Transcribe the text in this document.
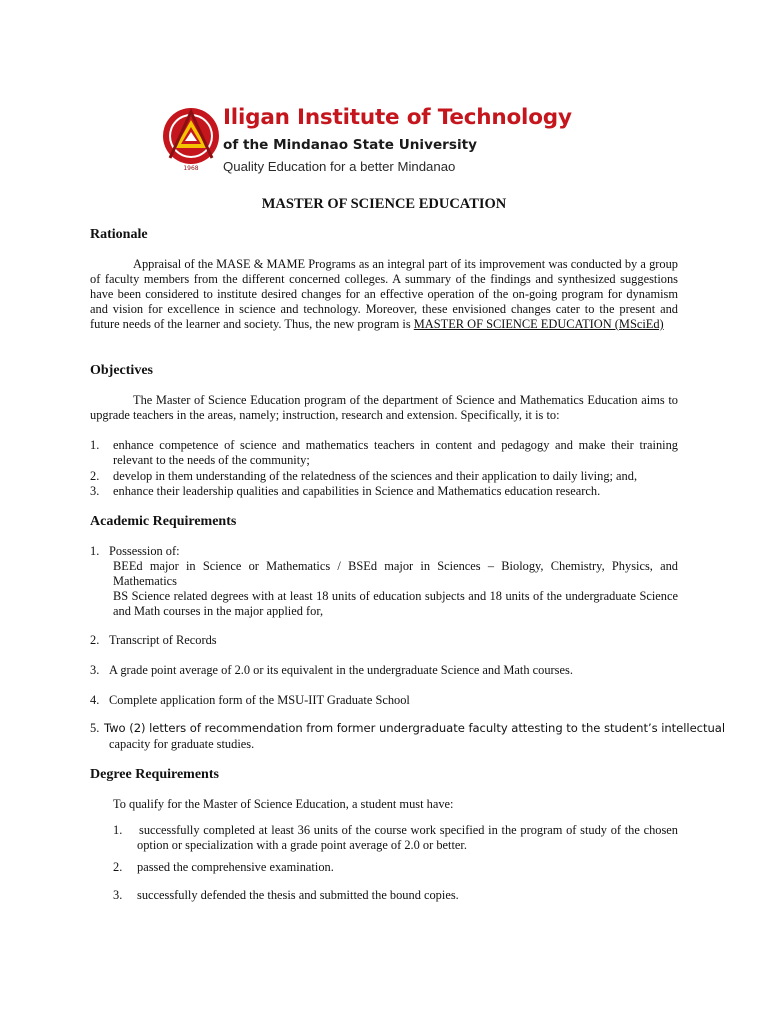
1968
Iligan Institute of Technology
of the Mindanao State University
Quality Education for a better Mindanao
MASTER OF SCIENCE EDUCATION
Rationale
Appraisal of the MASE & MAME Programs as an integral part of its improvement was conducted by a group of faculty members from the different concerned colleges. A summary of the findings and synthesized suggestions have been considered to institute desired changes for an effective operation of the on-going program for dynamism and vision for excellence in science and technology. Moreover, these envisioned changes cater to the present and future needs of the learner and society. Thus, the new program is MASTER OF SCIENCE EDUCATION (MSciEd)
Objectives
The Master of Science Education program of the department of Science and Mathematics Education aims to upgrade teachers in the areas, namely; instruction, research and extension. Specifically, it is to:
1.	enhance competence of science and mathematics teachers in content and pedagogy and make their training relevant to the needs of the community;
2.	develop in them understanding of the relatedness of the sciences and their application to daily living; and,
3.	enhance their leadership qualities and capabilities in Science and Mathematics education research.
Academic Requirements
1. Possession of:
BEEd major in Science or Mathematics / BSEd major in Sciences – Biology, Chemistry, Physics, and Mathematics
BS Science related degrees with at least 18 units of education subjects and 18 units of the undergraduate Science and Math courses in the major applied for,
2. Transcript of Records
3. A grade point average of 2.0 or its equivalent in the undergraduate Science and Math courses.
4. Complete application form of the MSU-IIT Graduate School
5. Two (2) letters of recommendation from former undergraduate faculty attesting to the student’s intellectual
capacity for graduate studies.
Degree Requirements
To qualify for the Master of Science Education, a student must have:
1. successfully completed at least 36 units of the course work specified in the program of study of the chosen option or specialization with a grade point average of 2.0 or better.
2. passed the comprehensive examination.
3. successfully defended the thesis and submitted the bound copies.
